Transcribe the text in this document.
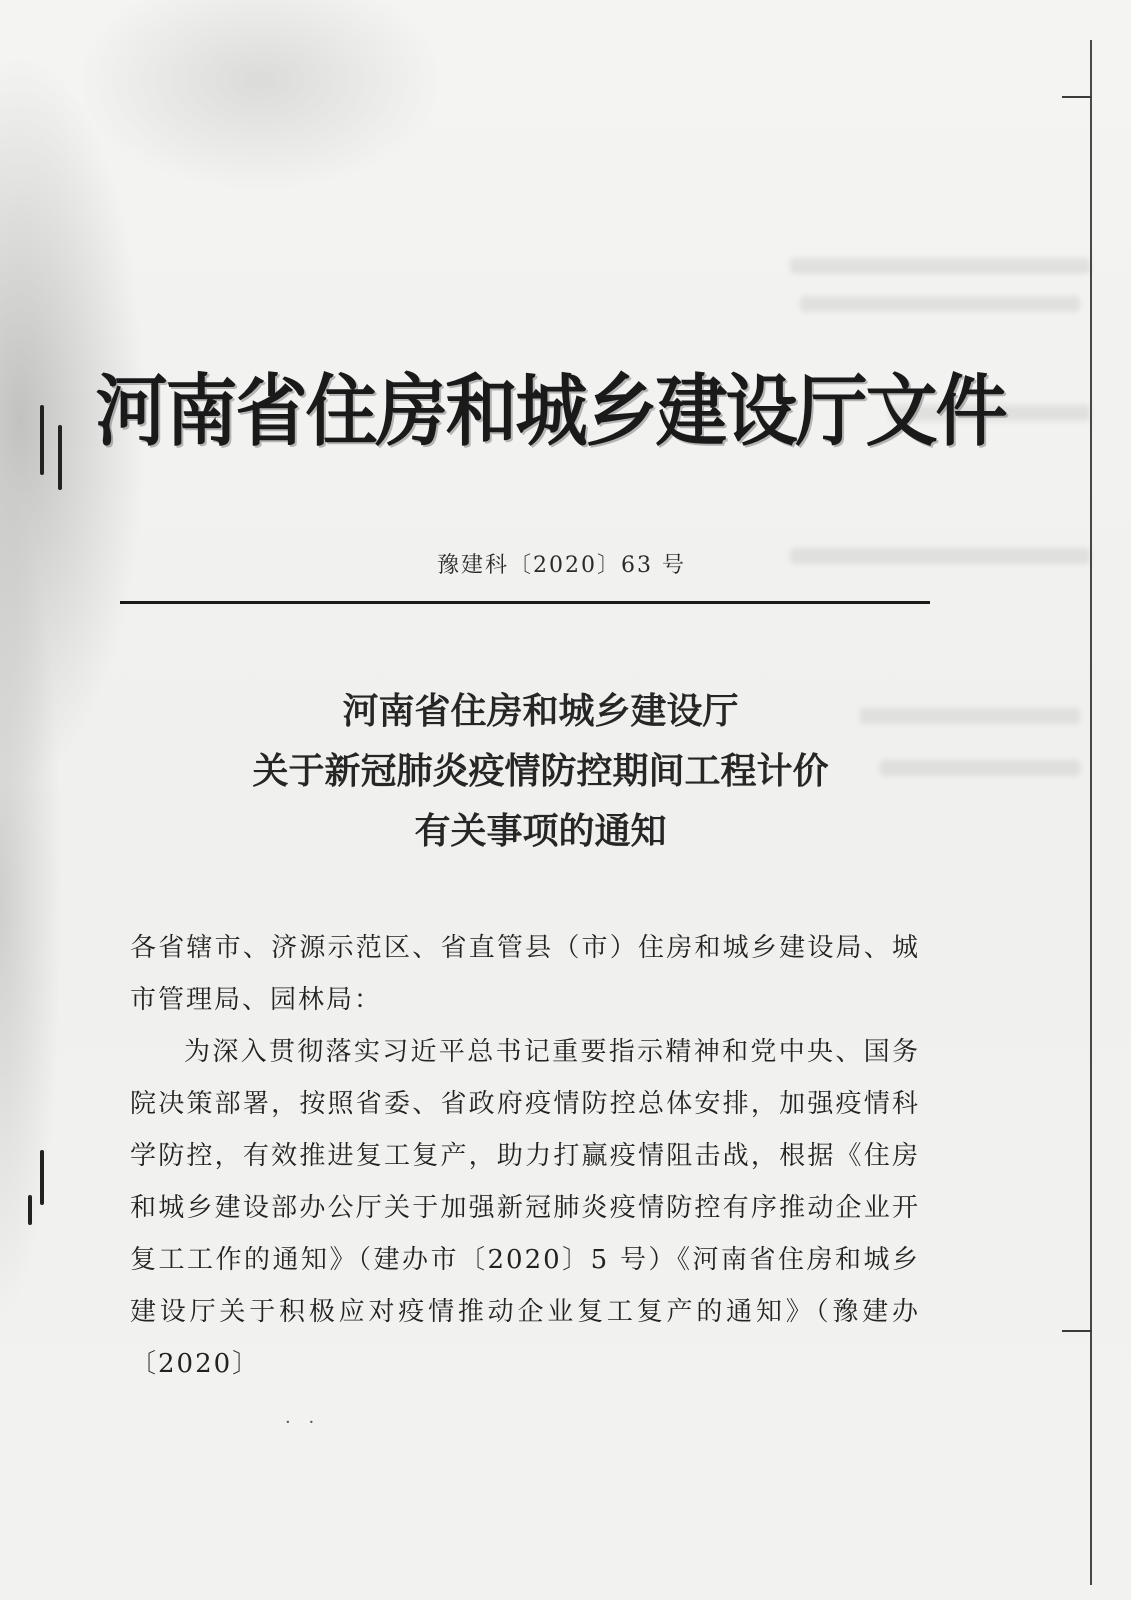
河南省住房和城乡建设厅文件
豫建科〔2020〕63 号
河南省住房和城乡建设厅
关于新冠肺炎疫情防控期间工程计价
有关事项的通知

各省辖市、济源示范区、省直管县（市）住房和城乡建设局、城市管理局、园林局：

为深入贯彻落实习近平总书记重要指示精神和党中央、国务院决策部署，按照省委、省政府疫情防控总体安排，加强疫情科学防控，有效推进复工复产，助力打赢疫情阻击战，根据《住房和城乡建设部办公厅关于加强新冠肺炎疫情防控有序推动企业开复工工作的通知》（建办市〔2020〕5 号）《河南省住房和城乡建设厅关于积极应对疫情推动企业复工复产的通知》（豫建办〔2020〕

· ·
